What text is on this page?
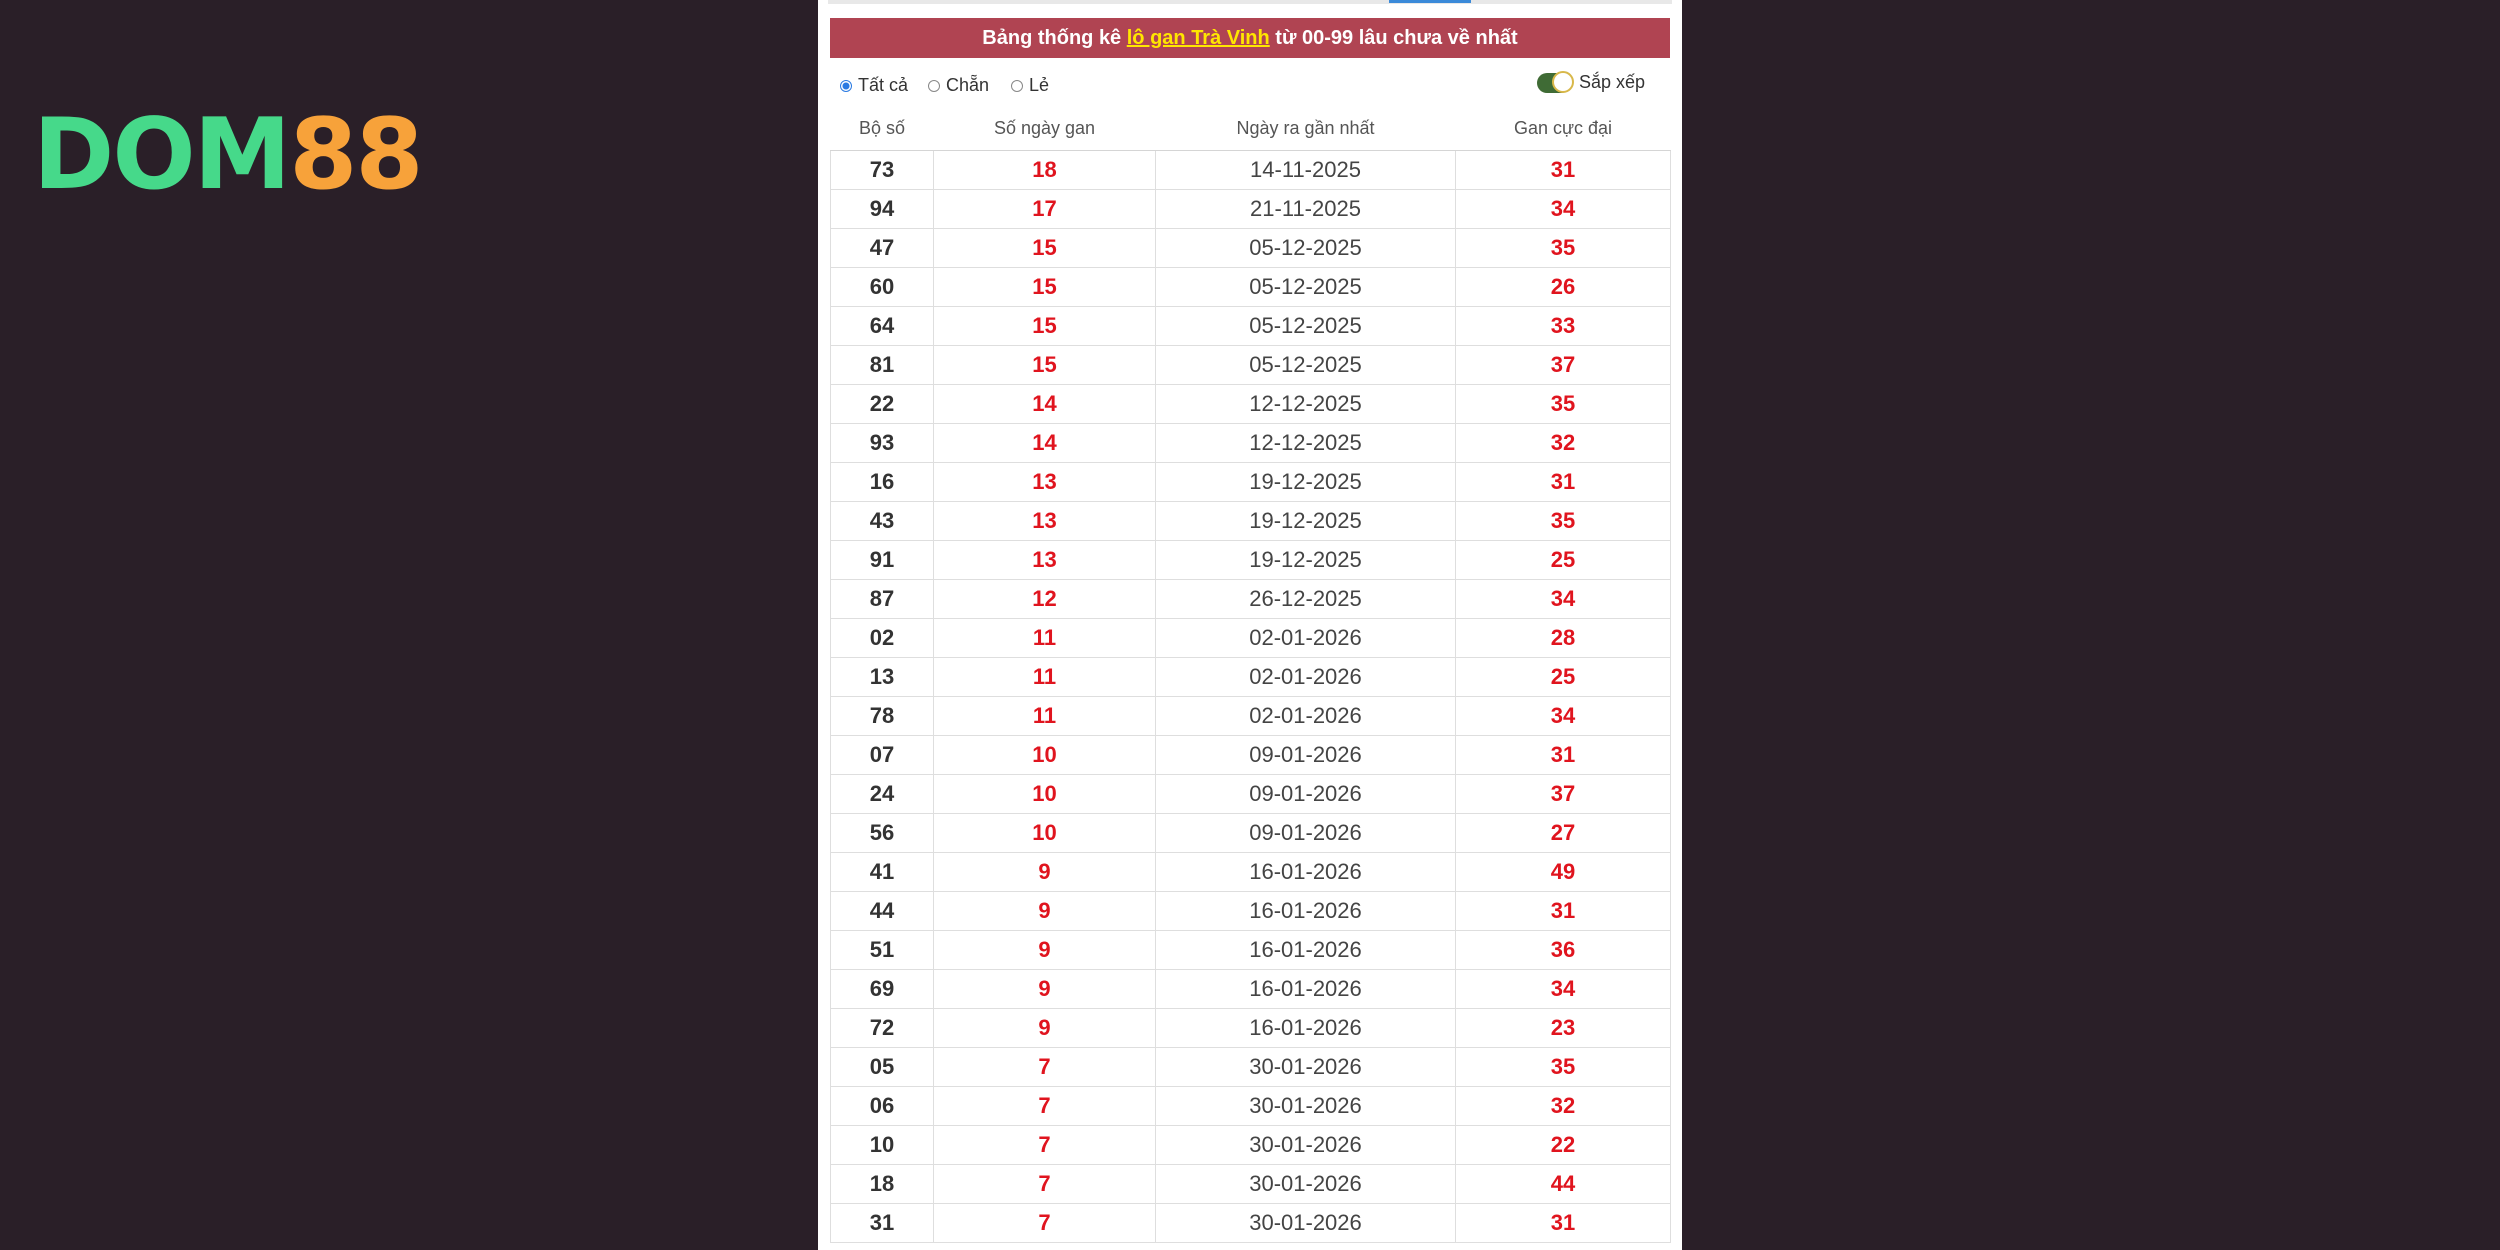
DOM88
Bảng thống kê lô gan Trà Vinh từ 00-99 lâu chưa về nhất
Tất cả Chẵn Lẻ	Sắp xếp
Bộ số	Số ngày gan	Ngày ra gần nhất	Gan cực đại
73	18	14-11-2025	31
94	17	21-11-2025	34
47	15	05-12-2025	35
60	15	05-12-2025	26
64	15	05-12-2025	33
81	15	05-12-2025	37
22	14	12-12-2025	35
93	14	12-12-2025	32
16	13	19-12-2025	31
43	13	19-12-2025	35
91	13	19-12-2025	25
87	12	26-12-2025	34
02	11	02-01-2026	28
13	11	02-01-2026	25
78	11	02-01-2026	34
07	10	09-01-2026	31
24	10	09-01-2026	37
56	10	09-01-2026	27
41	9	16-01-2026	49
44	9	16-01-2026	31
51	9	16-01-2026	36
69	9	16-01-2026	34
72	9	16-01-2026	23
05	7	30-01-2026	35
06	7	30-01-2026	32
10	7	30-01-2026	22
18	7	30-01-2026	44
31	7	30-01-2026	31
